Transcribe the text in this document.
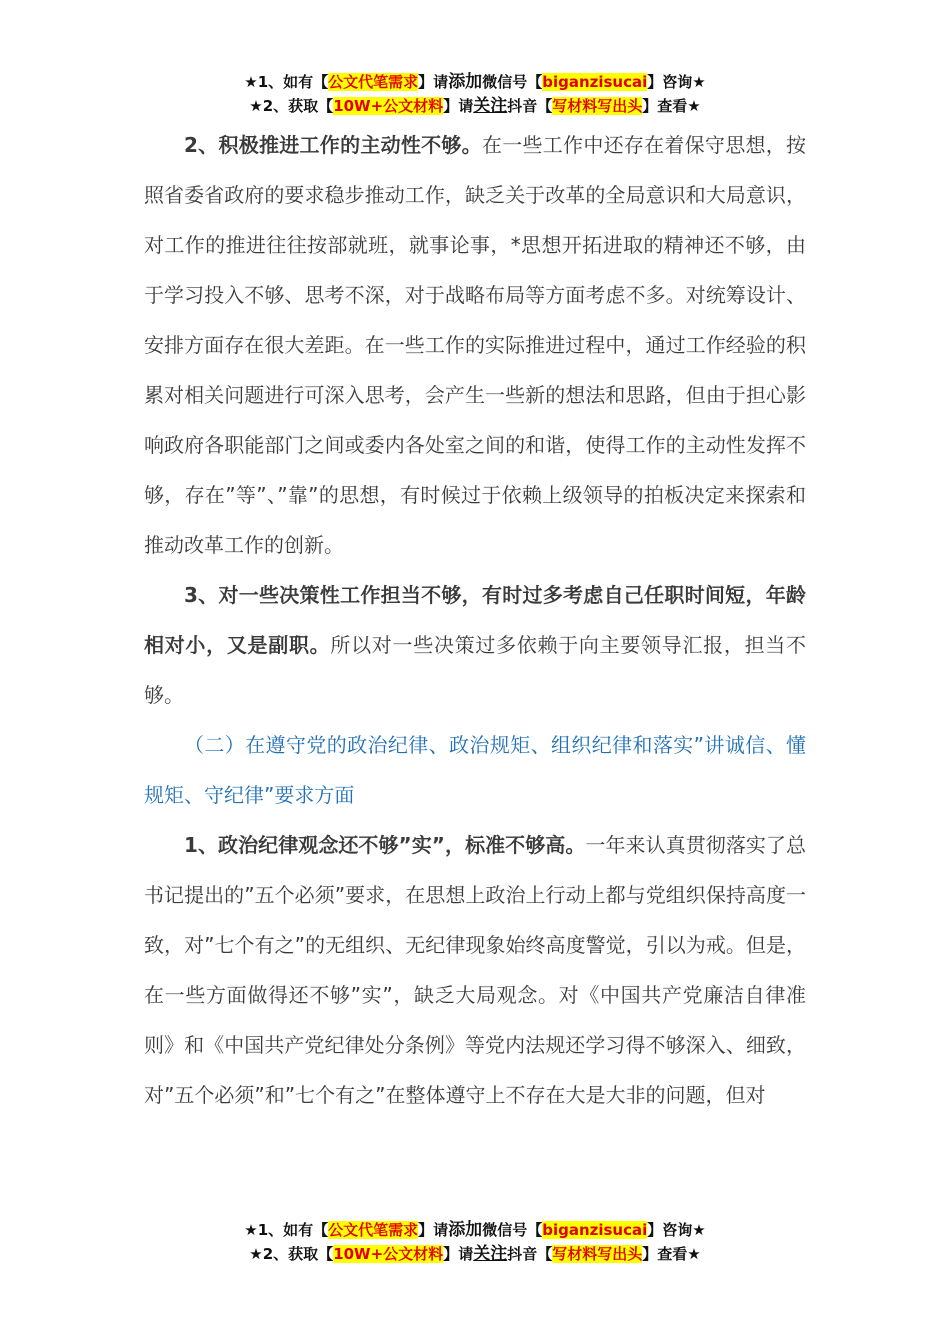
★1、如有【公文代笔需求】请添加微信号【biganzisucai】咨询★
★2、获取【10W+公文材料】请关注抖音【写材料写出头】查看★

2、积极推进工作的主动性不够。在一些工作中还存在着保守思想，按照省委省政府的要求稳步推动工作，缺乏关于改革的全局意识和大局意识，对工作的推进往往按部就班，就事论事，*思想开拓进取的精神还不够，由于学习投入不够、思考不深，对于战略布局等方面考虑不多。对统筹设计、安排方面存在很大差距。在一些工作的实际推进过程中，通过工作经验的积累对相关问题进行可深入思考，会产生一些新的想法和思路，但由于担心影响政府各职能部门之间或委内各处室之间的和谐，使得工作的主动性发挥不够，存在”等”、”靠”的思想，有时候过于依赖上级领导的拍板决定来探索和推动改革工作的创新。

3、对一些决策性工作担当不够，有时过多考虑自己任职时间短，年龄相对小，又是副职。所以对一些决策过多依赖于向主要领导汇报，担当不够。

（二）在遵守党的政治纪律、政治规矩、组织纪律和落实”讲诚信、懂规矩、守纪律”要求方面

1、政治纪律观念还不够”实”，标准不够高。一年来认真贯彻落实了总书记提出的”五个必须”要求，在思想上政治上行动上都与党组织保持高度一致，对”七个有之”的无组织、无纪律现象始终高度警觉，引以为戒。但是，在一些方面做得还不够”实”，缺乏大局观念。对《中国共产党廉洁自律准则》和《中国共产党纪律处分条例》等党内法规还学习得不够深入、细致，对”五个必须”和”七个有之”在整体遵守上不存在大是大非的问题，但对

★1、如有【公文代笔需求】请添加微信号【biganzisucai】咨询★
★2、获取【10W+公文材料】请关注抖音【写材料写出头】查看★
